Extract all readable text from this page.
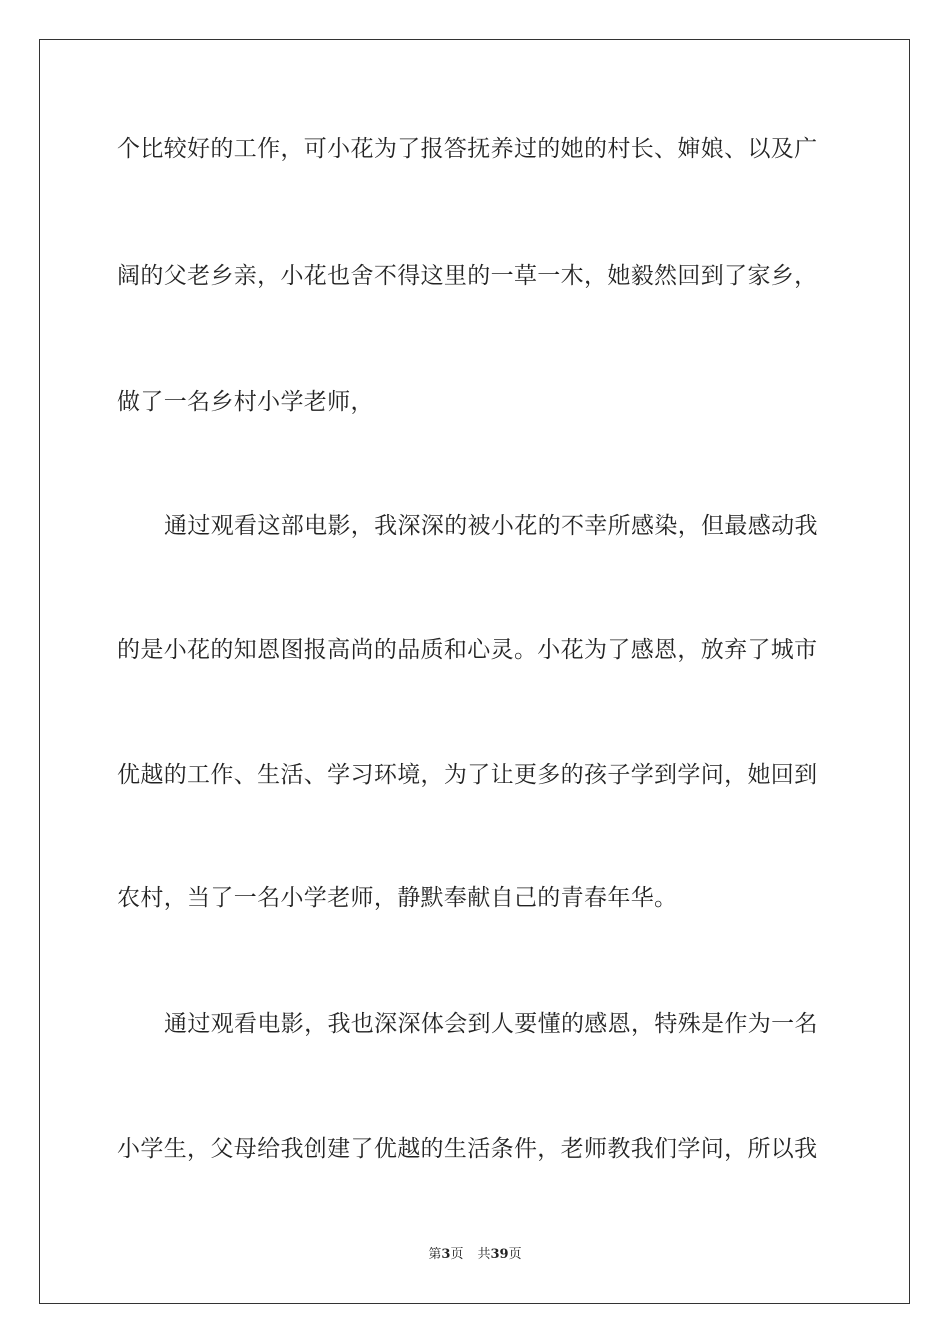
个比较好的工作，可小花为了报答抚养过的她的村长、婶娘、以及广
阔的父老乡亲，小花也舍不得这里的一草一木，她毅然回到了家乡，
做了一名乡村小学老师，
通过观看这部电影，我深深的被小花的不幸所感染，但最感动我
的是小花的知恩图报高尚的品质和心灵。小花为了感恩，放弃了城市
优越的工作、生活、学习环境，为了让更多的孩子学到学问，她回到
农村，当了一名小学老师，静默奉献自己的青春年华。
通过观看电影，我也深深体会到人要懂的感恩，特殊是作为一名
小学生，父母给我创建了优越的生活条件，老师教我们学问，所以我
第3页 共39页
